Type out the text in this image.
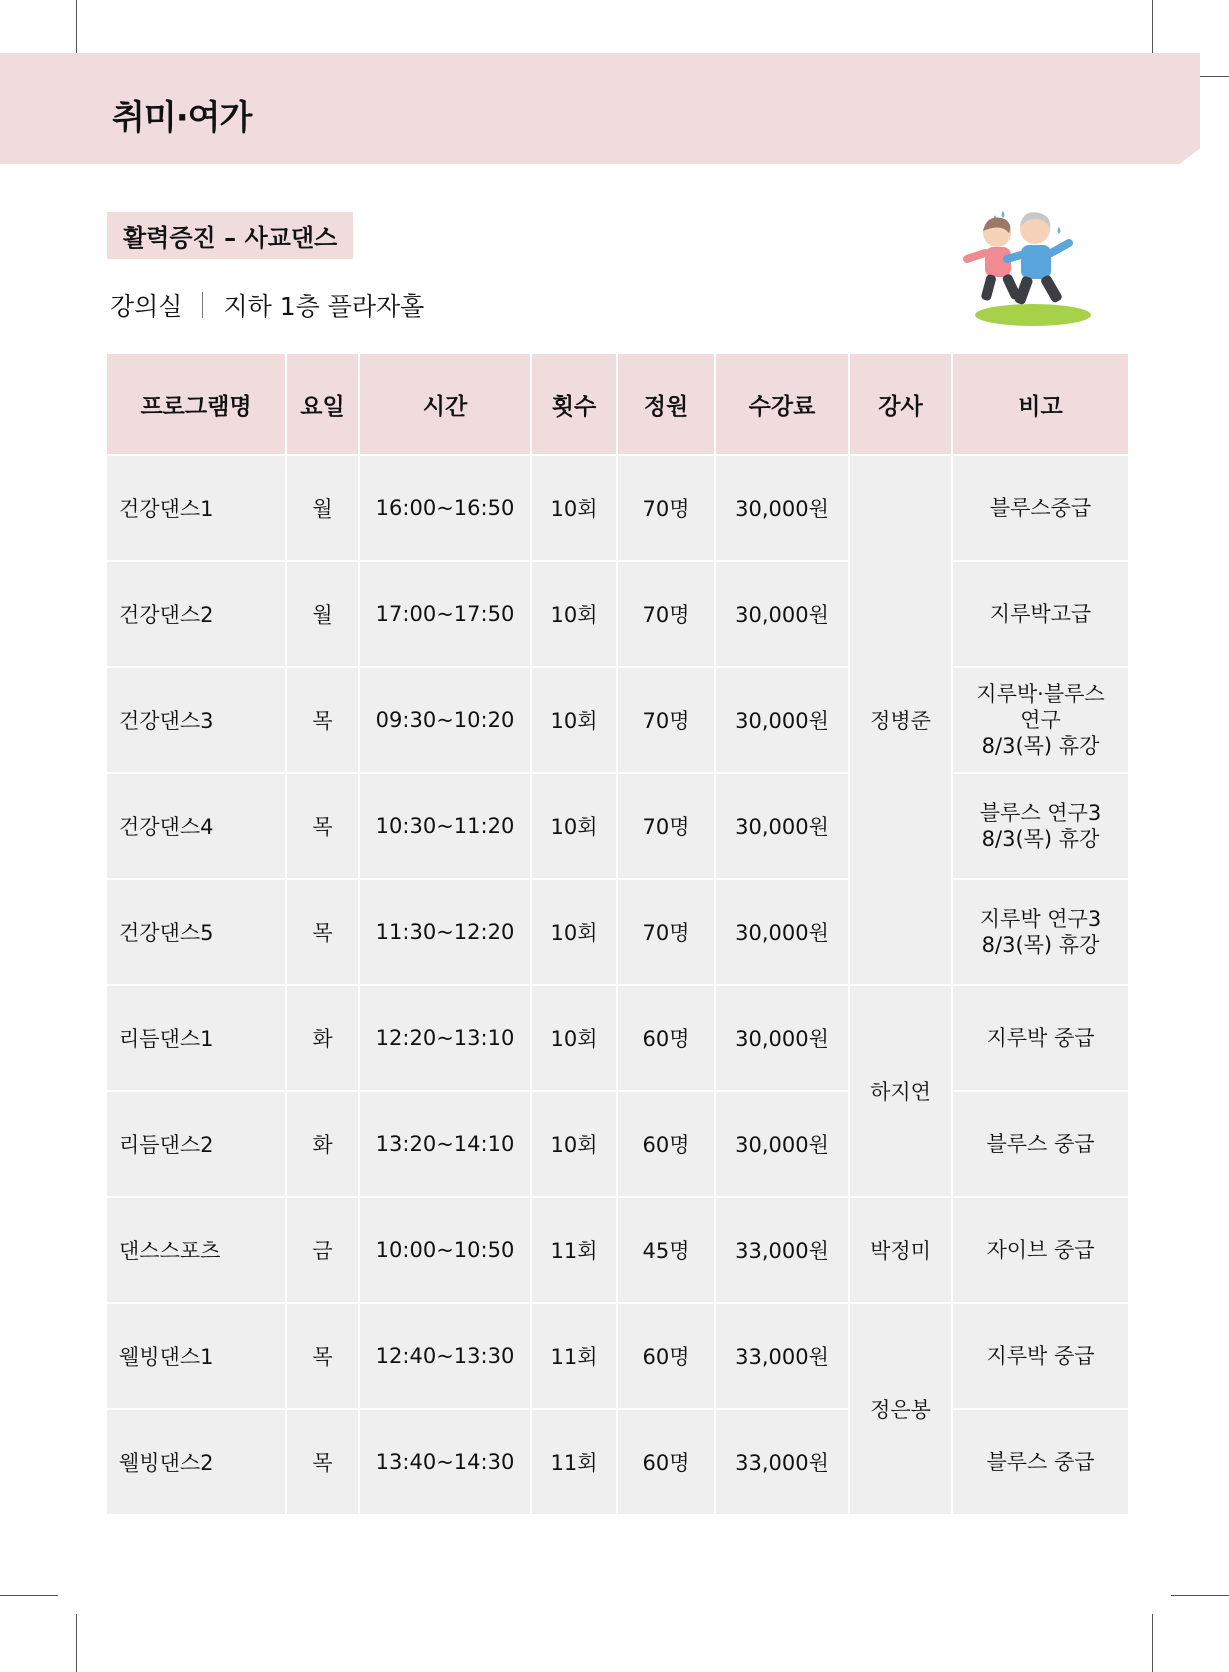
취미·여가
활력증진 – 사교댄스
강의실 지하 1층 플라자홀
프로그램명	요일	시간	횟수	정원	수강료	강사	비고
건강댄스1	월	16:00~16:50	10회	70명	30,000원	정병준	블루스중급
건강댄스2	월	17:00~17:50	10회	70명	30,000원		지루박고급
건강댄스3	목	09:30~10:20	10회	70명	30,000원		지루박·블루스
연구
8/3(목) 휴강

건강댄스4	목	10:30~11:20	10회	70명	30,000원		블루스 연구3
8/3(목) 휴강

건강댄스5	목	11:30~12:20	10회	70명	30,000원		지루박 연구3
8/3(목) 휴강

리듬댄스1	화	12:20~13:10	10회	60명	30,000원	하지연	지루박 중급
리듬댄스2	화	13:20~14:10	10회	60명	30,000원		블루스 중급
댄스스포츠	금	10:00~10:50	11회	45명	33,000원	박정미	자이브 중급
웰빙댄스1	목	12:40~13:30	11회	60명	33,000원	정은봉	지루박 중급
웰빙댄스2	목	13:40~14:30	11회	60명	33,000원		블루스 중급
